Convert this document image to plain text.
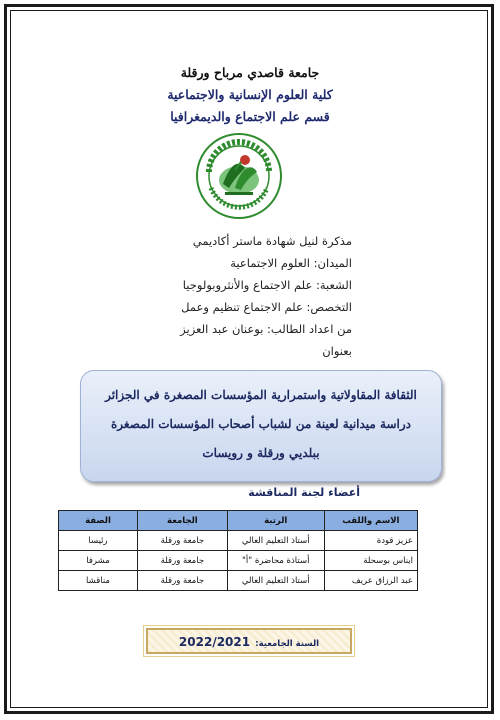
جامعة قاصدي مرباح ورقلة
كلية العلوم الإنسانية والاجتماعية
قسم علم الاجتماع والديمغرافيا
مذكرة لنيل شهادة ماستر أكاديمي
الميدان: العلوم الاجتماعية
الشعبة: علم الاجتماع والأنثروبولوجيا
التخصص: علم الاجتماع تنظيم وعمل
من اعداد الطالب: بوعنان عبد العزيز
بعنوان
الثقافة المقاولاتية واستمرارية المؤسسات المصغرة في الجزائر
دراسة ميدانية لعينة من لشباب أصحاب المؤسسات المصغرة
ببلديي ورقلة و رويسات
أعضاء لجنة المناقشة
الاسم واللقب	الرتبة	الجامعة	الصفة
عزيز قودة	أستاذ التعليم العالي	جامعة ورقلة	رئيسا
ايناس بوسحلة	أستاذة محاضرة "أ"	جامعة ورقلة	مشرفا
عبد الرزاق عريف	أستاذ التعليم العالي	جامعة ورقلة	مناقشا
السنة الجامعية: 2022/2021
